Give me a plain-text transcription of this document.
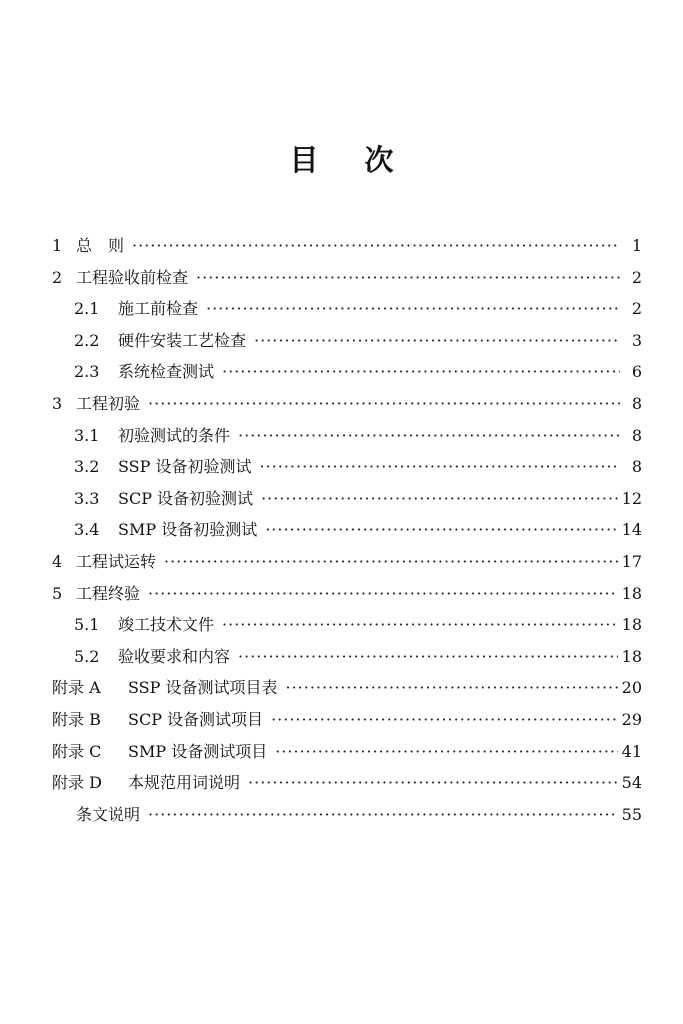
目 次
1 总　则 ·····	1
2 工程验收前检查 ·····	2
2.1	施工前检查 ·····	2
2.2	硬件安装工艺检查 ·····	3
2.3	系统检查测试 ·····	6
3 工程初验 ·····	8
3.1	初验测试的条件 ·····	8
3.2	SSP 设备初验测试 ·····	8
3.3	SCP 设备初验测试 ·····	12
3.4	SMP 设备初验测试 ·····	14
4 工程试运转 ·····	17
5 工程终验 ·····	18
5.1	竣工技术文件 ·····	18
5.2	验收要求和内容 ·····	18
附录 A	SSP 设备测试项目表 ·····	20
附录 B	SCP 设备测试项目 ·····	29
附录 C	SMP 设备测试项目 ·····	41
附录 D	本规范用词说明 ·····	54
条文说明 ·····	55
